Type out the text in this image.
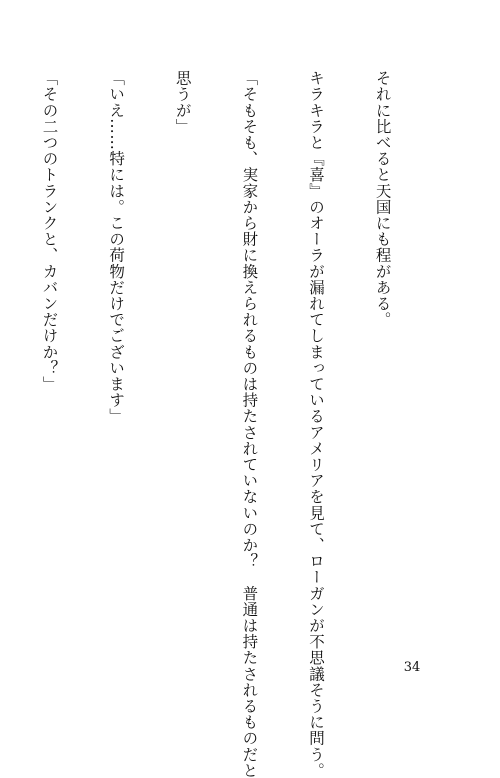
それに比べると天国にも程がある。

キラキラと『喜』のオーラが漏れてしまっているアメリアを見て、ローガンが不思議そうに問う。

「そもそも、実家から財に換えられるものは持たされていないのか？　普通は持たされるものだと

思うが」

「いえ……特には。この荷物だけでございます」

「その二つのトランクと、カバンだけか？」

34
